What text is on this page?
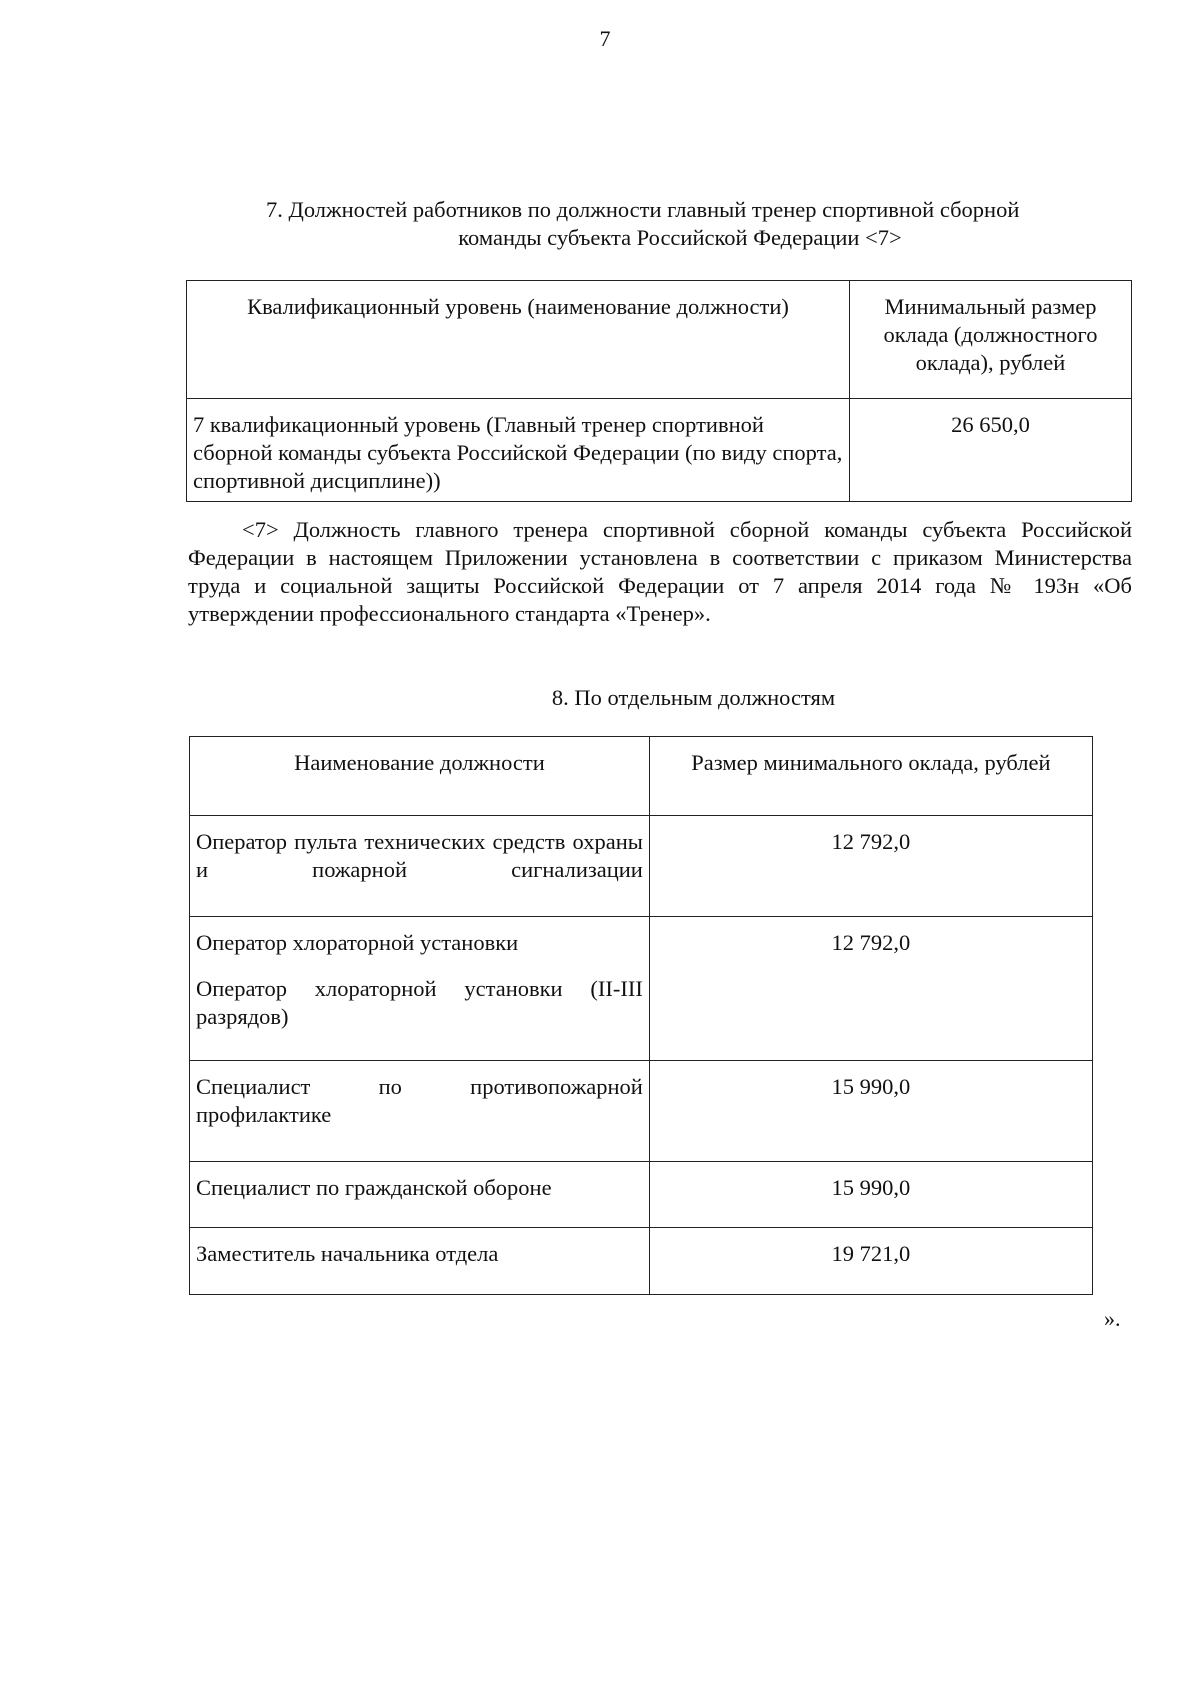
7
7. Должностей работников по должности главный тренер спортивной сборной
команды субъекта Российской Федерации <7>
Квалификационный уровень (наименование должности)	Минимальный размер оклада (должностного оклада), рублей
7 квалификационный уровень (Главный тренер спортивной сборной команды субъекта Российской Федерации (по виду спорта, спортивной дисциплине))	26 650,0
<7> Должность главного тренера спортивной сборной команды субъекта Российской Федерации в настоящем Приложении установлена в соответствии с приказом Министерства труда и социальной защиты Российской Федерации от 7 апреля 2014 года № 193н «Об утверждении профессионального стандарта «Тренер».
8. По отдельным должностям
Наименование должности	Размер минимального оклада, рублей

Оператор пульта технических средств охраны и пожарной сигнализации	12 792,0

Оператор хлораторной установки
Оператор хлораторной установки (II-III разрядов)	12 792,0

Специалист по противопожарной профилактике	15 990,0

Специалист по гражданской обороне	15 990,0

Заместитель начальника отдела	19 721,0
».
